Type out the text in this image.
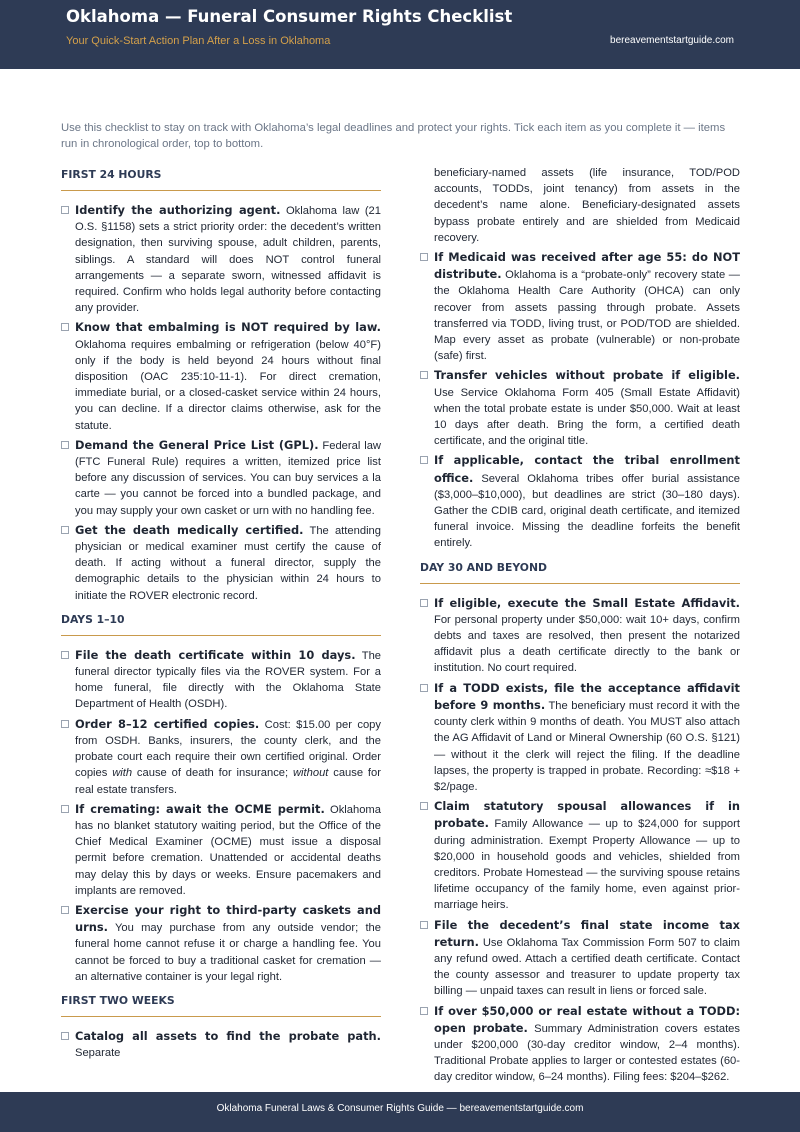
Oklahoma — Funeral Consumer Rights Checklist
Your Quick-Start Action Plan After a Loss in Oklahoma	bereavementstartguide.com
Use this checklist to stay on track with Oklahoma’s legal deadlines and protect your rights. Tick each item as you complete it — items run in chronological order, top to bottom.
FIRST 24 HOURS
Identify the authorizing agent. Oklahoma law (21 O.S. §1158) sets a strict priority order: the decedent’s written designation, then surviving spouse, adult children, parents, siblings. A standard will does NOT control funeral arrangements — a separate sworn, witnessed affidavit is required. Confirm who holds legal authority before contacting any provider.
Know that embalming is NOT required by law. Oklahoma requires embalming or refrigeration (below 40°F) only if the body is held beyond 24 hours without final disposition (OAC 235:10-11-1). For direct cremation, immediate burial, or a closed-casket service within 24 hours, you can decline. If a director claims otherwise, ask for the statute.
Demand the General Price List (GPL). Federal law (FTC Funeral Rule) requires a written, itemized price list before any discussion of services. You can buy services a la carte — you cannot be forced into a bundled package, and you may supply your own casket or urn with no handling fee.
Get the death medically certified. The attending physician or medical examiner must certify the cause of death. If acting without a funeral director, supply the demographic details to the physician within 24 hours to initiate the ROVER electronic record.
DAYS 1–10
File the death certificate within 10 days. The funeral director typically files via the ROVER system. For a home funeral, file directly with the Oklahoma State Department of Health (OSDH).
Order 8–12 certified copies. Cost: $15.00 per copy from OSDH. Banks, insurers, the county clerk, and the probate court each require their own certified original. Order copies with cause of death for insurance; without cause for real estate transfers.
If cremating: await the OCME permit. Oklahoma has no blanket statutory waiting period, but the Office of the Chief Medical Examiner (OCME) must issue a disposal permit before cremation. Unattended or accidental deaths may delay this by days or weeks. Ensure pacemakers and implants are removed.
Exercise your right to third-party caskets and urns. You may purchase from any outside vendor; the funeral home cannot refuse it or charge a handling fee. You cannot be forced to buy a traditional casket for cremation — an alternative container is your legal right.
FIRST TWO WEEKS
Catalog all assets to find the probate path. Separate
beneficiary-named assets (life insurance, TOD/POD accounts, TODDs, joint tenancy) from assets in the decedent’s name alone. Beneficiary-designated assets bypass probate entirely and are shielded from Medicaid recovery.
If Medicaid was received after age 55: do NOT distribute. Oklahoma is a “probate-only” recovery state — the Oklahoma Health Care Authority (OHCA) can only recover from assets passing through probate. Assets transferred via TODD, living trust, or POD/TOD are shielded. Map every asset as probate (vulnerable) or non-probate (safe) first.
Transfer vehicles without probate if eligible. Use Service Oklahoma Form 405 (Small Estate Affidavit) when the total probate estate is under $50,000. Wait at least 10 days after death. Bring the form, a certified death certificate, and the original title.
If applicable, contact the tribal enrollment office. Several Oklahoma tribes offer burial assistance ($3,000–$10,000), but deadlines are strict (30–180 days). Gather the CDIB card, original death certificate, and itemized funeral invoice. Missing the deadline forfeits the benefit entirely.
DAY 30 AND BEYOND
If eligible, execute the Small Estate Affidavit. For personal property under $50,000: wait 10+ days, confirm debts and taxes are resolved, then present the notarized affidavit plus a death certificate directly to the bank or institution. No court required.
If a TODD exists, file the acceptance affidavit before 9 months. The beneficiary must record it with the county clerk within 9 months of death. You MUST also attach the AG Affidavit of Land or Mineral Ownership (60 O.S. §121) — without it the clerk will reject the filing. If the deadline lapses, the property is trapped in probate. Recording: ≈$18 + $2/page.
Claim statutory spousal allowances if in probate. Family Allowance — up to $24,000 for support during administration. Exempt Property Allowance — up to $20,000 in household goods and vehicles, shielded from creditors. Probate Homestead — the surviving spouse retains lifetime occupancy of the family home, even against prior-marriage heirs.
File the decedent’s final state income tax return. Use Oklahoma Tax Commission Form 507 to claim any refund owed. Attach a certified death certificate. Contact the county assessor and treasurer to update property tax billing — unpaid taxes can result in liens or forced sale.
If over $50,000 or real estate without a TODD: open probate. Summary Administration covers estates under $200,000 (30-day creditor window, 2–4 months). Traditional Probate applies to larger or contested estates (60-day creditor window, 6–24 months). Filing fees: $204–$262.
Oklahoma Funeral Laws & Consumer Rights Guide — bereavementstartguide.com
